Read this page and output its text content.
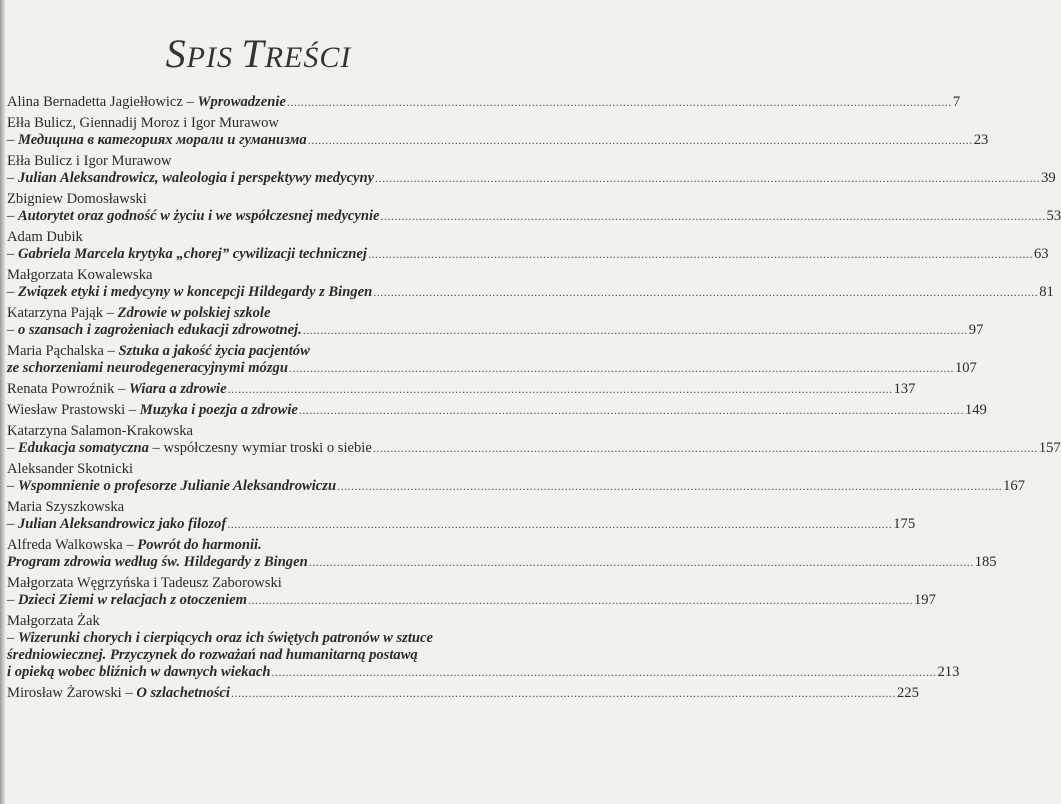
SPIS TREŚCI
Alina Bernadetta Jagiełłowicz – Wprowadzenie .....	7
Ełła Bulicz, Giennadij Moroz i Igor Murawow
– Медицина в категориях морали и гуманизма .....	23
Ełła Bulicz i Igor Murawow
– Julian Aleksandrowicz, waleologia i perspektywy medycyny .....	39
Zbigniew Domosławski
– Autorytet oraz godność w życiu i we współczesnej medycynie .....	53
Adam Dubik
– Gabriela Marcela krytyka „chorej” cywilizacji technicznej .....	63
Małgorzata Kowalewska
– Związek etyki i medycyny w koncepcji Hildegardy z Bingen .....	81
Katarzyna Pająk – Zdrowie w polskiej szkole
– o szansach i zagrożeniach edukacji zdrowotnej. .....	97
Maria Pąchalska – Sztuka a jakość życia pacjentów
ze schorzeniami neurodegeneracyjnymi mózgu .....	107
Renata Powroźnik – Wiara a zdrowie .....	137
Wiesław Prastowski – Muzyka i poezja a zdrowie .....	149
Katarzyna Salamon-Krakowska
– Edukacja somatyczna – współczesny wymiar troski o siebie .....	157
Aleksander Skotnicki
– Wspomnienie o profesorze Julianie Aleksandrowiczu .....	167
Maria Szyszkowska
– Julian Aleksandrowicz jako filozof .....	175
Alfreda Walkowska – Powrót do harmonii.
Program zdrowia według św. Hildegardy z Bingen .....	185
Małgorzata Węgrzyńska i Tadeusz Zaborowski
– Dzieci Ziemi w relacjach z otoczeniem .....	197
Małgorzata Żak
– Wizerunki chorych i cierpiących oraz ich świętych patronów w sztuce
średniowiecznej. Przyczynek do rozważań nad humanitarną postawą
i opieką wobec bliźnich w dawnych wiekach .....	213
Mirosław Żarowski – O szlachetności .....	225
